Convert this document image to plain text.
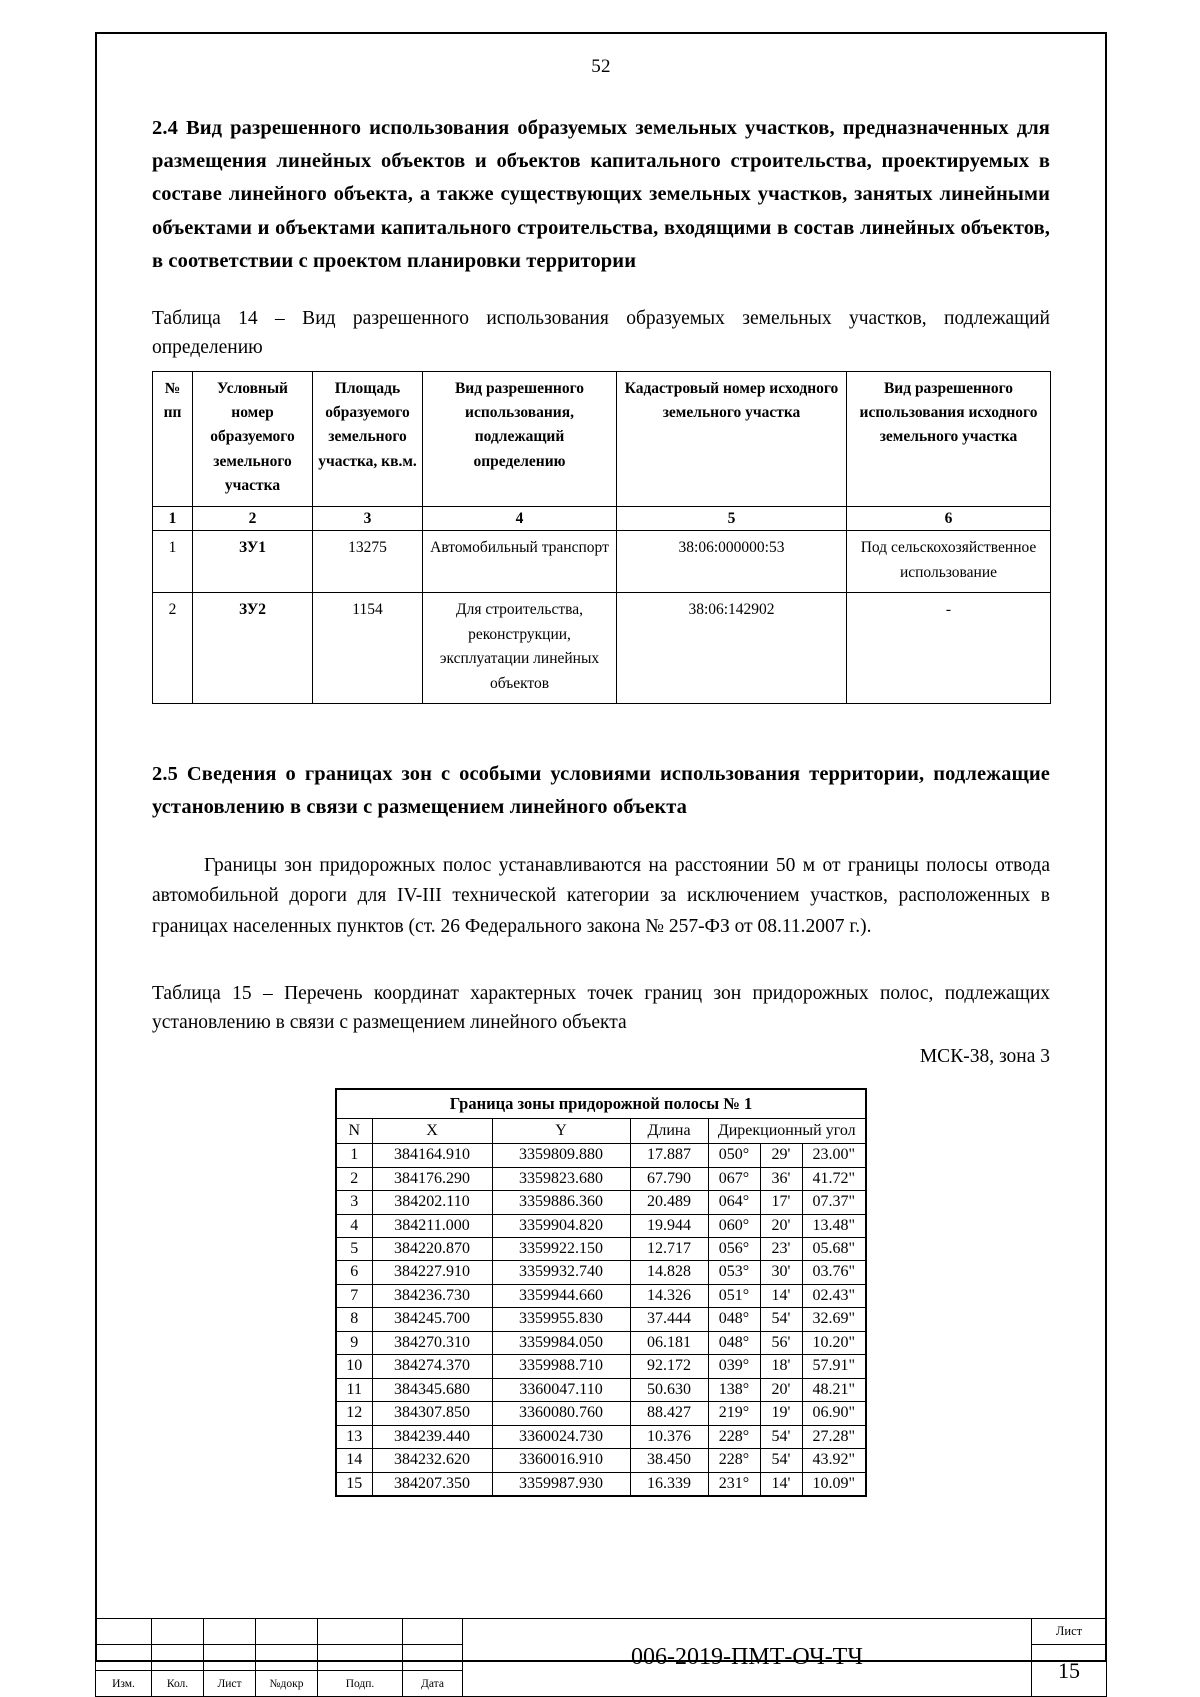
52
2.4 Вид разрешенного использования образуемых земельных участков, предназначенных для размещения линейных объектов и объектов капитального строительства, проектируемых в составе линейного объекта, а также существующих земельных участков, занятых линейными объектами и объектами капитального строительства, входящими в состав линейных объектов, в соответствии с проектом планировки территории
Таблица 14 – Вид разрешенного использования образуемых земельных участков, подлежащий определению
№ пп	Условный номер образуемого земельного участка	Площадь образуемого земельного участка, кв.м.	Вид разрешенного использования, подлежащий определению	Кадастровый номер исходного земельного участка	Вид разрешенного использования исходного земельного участка
1	2	3	4	5	6
1	ЗУ1	13275	Автомобильный транспорт	38:06:000000:53	Под сельскохозяйственное использование
2	ЗУ2	1154	Для строительства, реконструкции, эксплуатации линейных объектов	38:06:142902	-
2.5 Сведения о границах зон с особыми условиями использования территории, подлежащие установлению в связи с размещением линейного объекта

Границы зон придорожных полос устанавливаются на расстоянии 50 м от границы полосы отвода автомобильной дороги для IV-III технической категории за исключением участков, расположенных в границах населенных пунктов (ст. 26 Федерального закона № 257-ФЗ от 08.11.2007 г.).

Таблица 15 – Перечень координат характерных точек границ зон придорожных полос, подлежащих установлению в связи с размещением линейного объекта
МСК-38, зона 3
Граница зоны придорожной полосы № 1						
N	X	Y	Длина	Дирекционный угол		
1	384164.910	3359809.880	17.887	050°	29'	23.00"
2	384176.290	3359823.680	67.790	067°	36'	41.72"
3	384202.110	3359886.360	20.489	064°	17'	07.37"
4	384211.000	3359904.820	19.944	060°	20'	13.48"
5	384220.870	3359922.150	12.717	056°	23'	05.68"
6	384227.910	3359932.740	14.828	053°	30'	03.76"
7	384236.730	3359944.660	14.326	051°	14'	02.43"
8	384245.700	3359955.830	37.444	048°	54'	32.69"
9	384270.310	3359984.050	06.181	048°	56'	10.20"
10	384274.370	3359988.710	92.172	039°	18'	57.91"
11	384345.680	3360047.110	50.630	138°	20'	48.21"
12	384307.850	3360080.760	88.427	219°	19'	06.90"
13	384239.440	3360024.730	10.376	228°	54'	27.28"
14	384232.620	3360016.910	38.450	228°	54'	43.92"
15	384207.350	3359987.930	16.339	231°	14'	10.09"
						006-2019-ПМТ-ОЧ-ТЧ	Лист
							15
Изм.	Кол.	Лист	№докр	Подп.	Дата		
